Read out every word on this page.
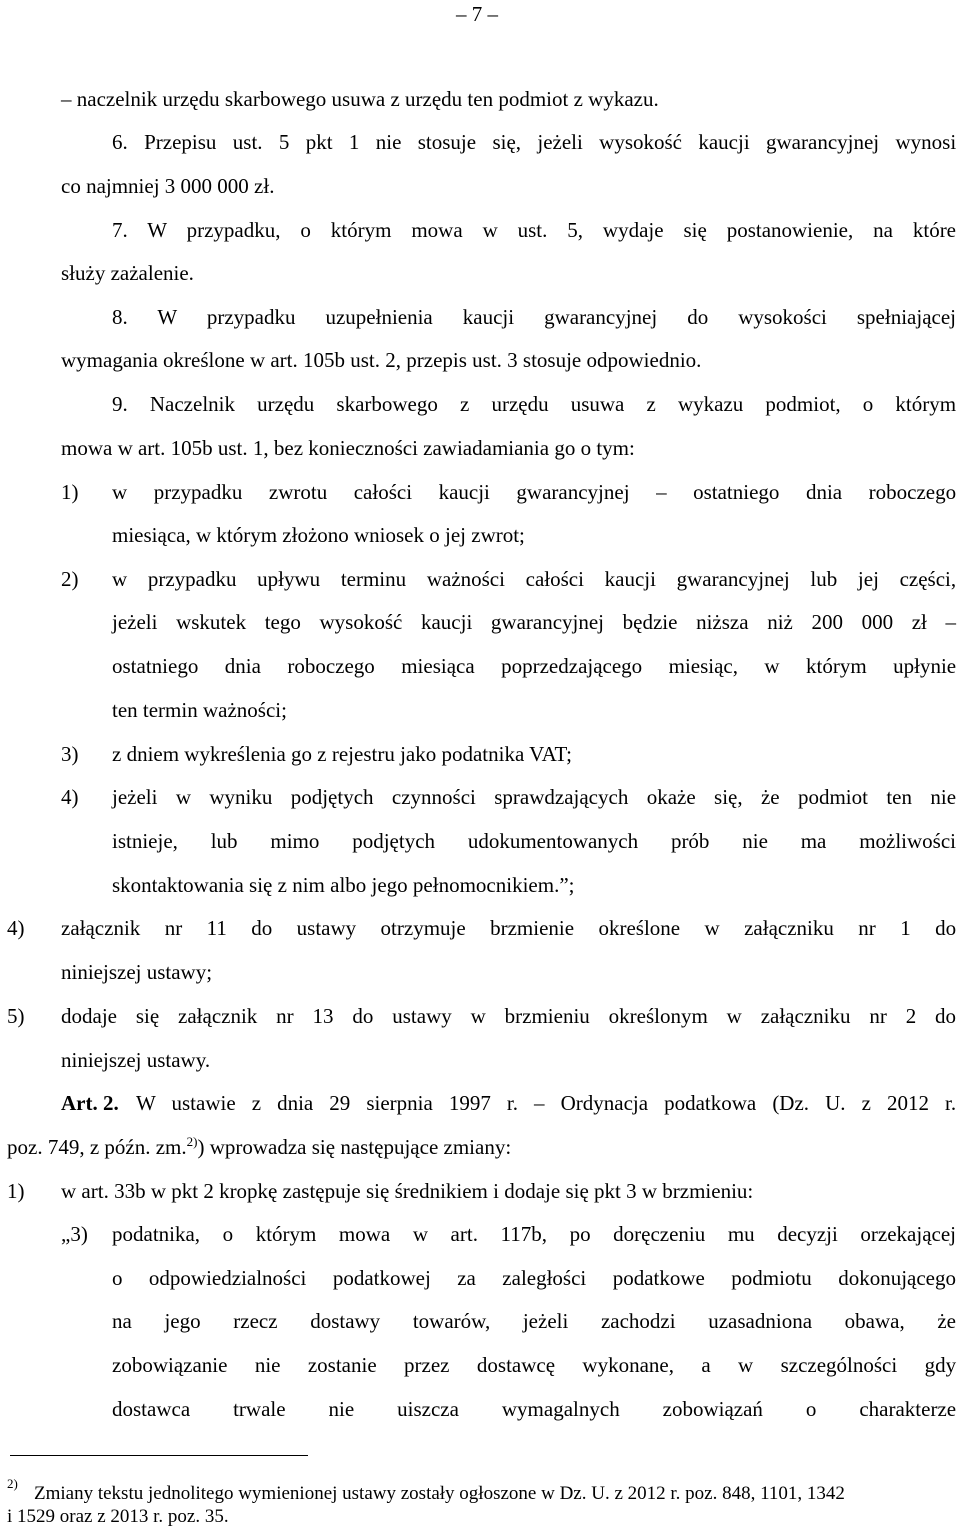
– 7 –
– naczelnik urzędu skarbowego usuwa z urzędu ten podmiot z wykazu.
6. Przepisu ust. 5 pkt 1 nie stosuje się, jeżeli wysokość kaucji gwarancyjnej wynosi
co najmniej 3 000 000 zł.
7. W przypadku, o którym mowa w ust. 5, wydaje się postanowienie, na które
służy zażalenie.
8. W przypadku uzupełnienia kaucji gwarancyjnej do wysokości spełniającej
wymagania określone w art. 105b ust. 2, przepis ust. 3 stosuje odpowiednio.
9. Naczelnik urzędu skarbowego z urzędu usuwa z wykazu podmiot, o którym
mowa w art. 105b ust. 1, bez konieczności zawiadamiania go o tym:
1) w przypadku zwrotu całości kaucji gwarancyjnej – ostatniego dnia roboczego
miesiąca, w którym złożono wniosek o jej zwrot;
2) w przypadku upływu terminu ważności całości kaucji gwarancyjnej lub jej części,
jeżeli wskutek tego wysokość kaucji gwarancyjnej będzie niższa niż 200 000 zł –
ostatniego dnia roboczego miesiąca poprzedzającego miesiąc, w którym upłynie
ten termin ważności;
3) z dniem wykreślenia go z rejestru jako podatnika VAT;
4) jeżeli w wyniku podjętych czynności sprawdzających okaże się, że podmiot ten nie
istnieje, lub mimo podjętych udokumentowanych prób nie ma możliwości
skontaktowania się z nim albo jego pełnomocnikiem.”;
4) załącznik nr 11 do ustawy otrzymuje brzmienie określone w załączniku nr 1 do
niniejszej ustawy;
5) dodaje się załącznik nr 13 do ustawy w brzmieniu określonym w załączniku nr 2 do
niniejszej ustawy.
Art. 2. W ustawie z dnia 29 sierpnia 1997 r. – Ordynacja podatkowa (Dz. U. z 2012 r.
poz. 749, z późn. zm.$^{2)}$) wprowadza się następujące zmiany:
1) w art. 33b w pkt 2 kropkę zastępuje się średnikiem i dodaje się pkt 3 w brzmieniu:
„3) podatnika, o którym mowa w art. 117b, po doręczeniu mu decyzji orzekającej
o odpowiedzialności podatkowej za zaległości podatkowe podmiotu dokonującego
na jego rzecz dostawy towarów, jeżeli zachodzi uzasadniona obawa, że
zobowiązanie nie zostanie przez dostawcę wykonane, a w szczególności gdy
dostawca trwale nie uiszcza wymagalnych zobowiązań o charakterze
2) Zmiany tekstu jednolitego wymienionej ustawy zostały ogłoszone w Dz. U. z 2012 r. poz. 848, 1101, 1342
i 1529 oraz z 2013 r. poz. 35.
